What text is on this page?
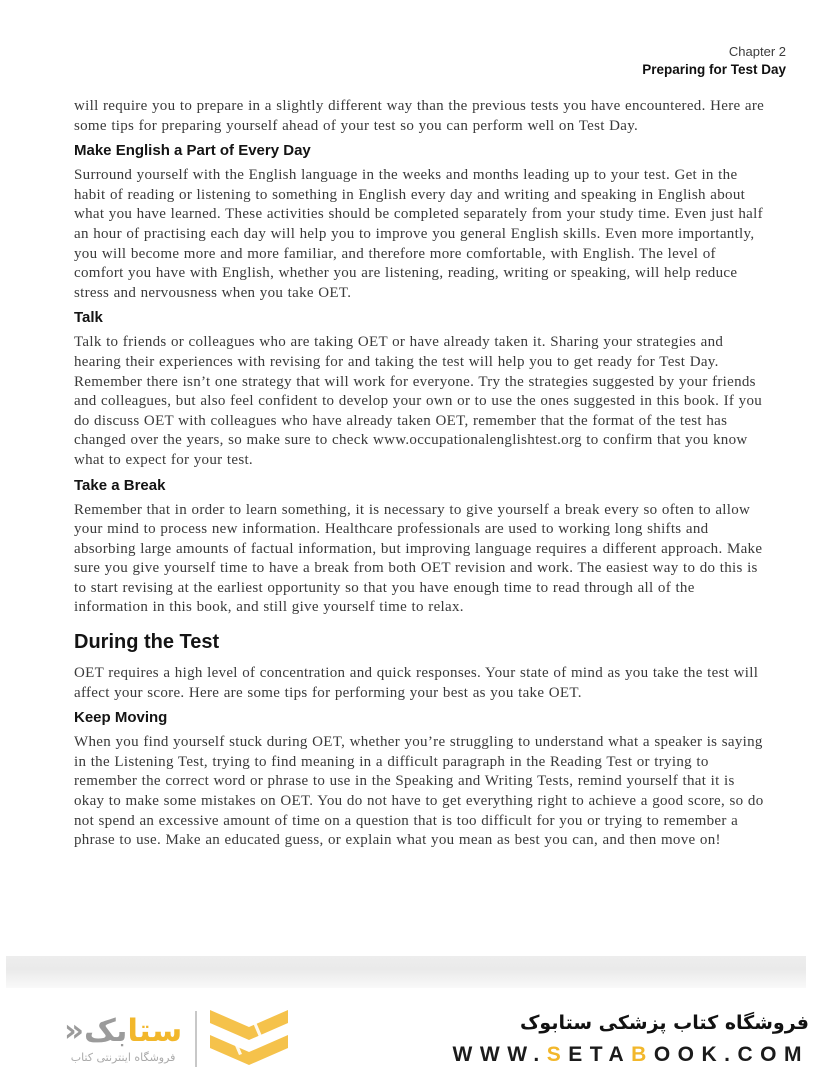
Chapter 2
Preparing for Test Day

will require you to prepare in a slightly different way than the previous tests you have encountered. Here are some tips for preparing yourself ahead of your test so you can perform well on Test Day.

Make English a Part of Every Day

Surround yourself with the English language in the weeks and months leading up to your test. Get in the habit of reading or listening to something in English every day and writing and speaking in English about what you have learned. These activities should be completed separately from your study time. Even just half an hour of practising each day will help you to improve you general English skills. Even more importantly, you will become more and more familiar, and therefore more comfortable, with English. The level of comfort you have with English, whether you are listening, reading, writing or speaking, will help reduce stress and nervousness when you take OET.

Talk

Talk to friends or colleagues who are taking OET or have already taken it. Sharing your strategies and hearing their experiences with revising for and taking the test will help you to get ready for Test Day. Remember there isn’t one strategy that will work for everyone. Try the strategies suggested by your friends and colleagues, but also feel confident to develop your own or to use the ones suggested in this book. If you do discuss OET with colleagues who have already taken OET, remember that the format of the test has changed over the years, so make sure to check www.occupationalenglishtest.org to confirm that you know what to expect for your test.

Take a Break

Remember that in order to learn something, it is necessary to give yourself a break every so often to allow your mind to process new information. Healthcare professionals are used to working long shifts and absorbing large amounts of factual information, but improving language requires a different approach. Make sure you give yourself time to have a break from both OET revision and work. The easiest way to do this is to start revising at the earliest opportunity so that you have enough time to read through all of the information in this book, and still give yourself time to relax.

During the Test

OET requires a high level of concentration and quick responses. Your state of mind as you take the test will affect your score. Here are some tips for performing your best as you take OET.

Keep Moving

When you find yourself stuck during OET, whether you’re struggling to understand what a speaker is saying in the Listening Test, trying to find meaning in a difficult paragraph in the Reading Test or trying to remember the correct word or phrase to use in the Speaking and Writing Tests, remind yourself that it is okay to make some mistakes on OET. You do not have to get everything right to achieve a good score, so do not spend an excessive amount of time on a question that is too difficult for you or trying to remember a phrase to use. Make an educated guess, or explain what you mean as best you can, and then move on!

ستابک«
فروشگاه اینترنتی کتاب
فروشگاه کتاب پزشکی ستابوک
WWW.SETABOOK.COM
